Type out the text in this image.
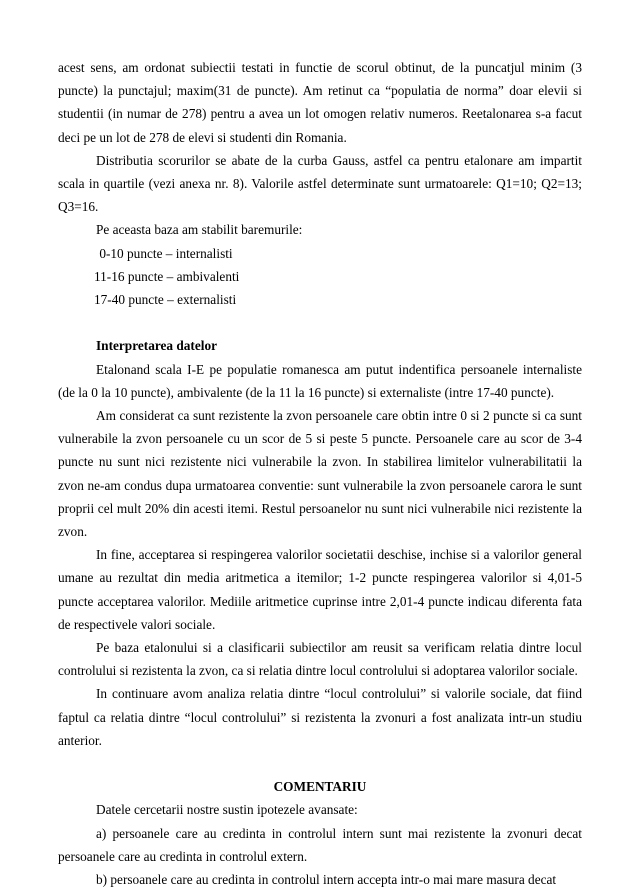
acest sens, am ordonat subiectii testati in functie de scorul obtinut, de la puncatjul minim (3 puncte) la punctajul; maxim(31 de puncte). Am retinut ca “populatia de norma” doar elevii si studentii (in numar de 278) pentru a avea un lot omogen relativ numeros. Reetalonarea s-a facut deci pe un lot de 278 de elevi si studenti din Romania.

Distributia scorurilor se abate de la curba Gauss, astfel ca pentru etalonare am impartit scala in quartile (vezi anexa nr. 8). Valorile astfel determinate sunt urmatoarele: Q1=10; Q2=13; Q3=16.

Pe aceasta baza am stabilit baremurile:

0-10 puncte – internalisti
11-16 puncte – ambivalenti
17-40 puncte – externalisti
Interpretarea datelor

Etalonand scala I-E pe populatie romanesca am putut indentifica persoanele internaliste (de la 0 la 10 puncte), ambivalente (de la 11 la 16 puncte) si externaliste (intre 17-40 puncte).

Am considerat ca sunt rezistente la zvon persoanele care obtin intre 0 si 2 puncte si ca sunt vulnerabile la zvon persoanele cu un scor de 5 si peste 5 puncte. Persoanele care au scor de 3-4 puncte nu sunt nici rezistente nici vulnerabile la zvon. In stabilirea limitelor vulnerabilitatii la zvon ne-am condus dupa urmatoarea conventie: sunt vulnerabile la zvon persoanele carora le sunt proprii cel mult 20% din acesti itemi. Restul persoanelor nu sunt nici vulnerabile nici rezistente la zvon.

In fine, acceptarea si respingerea valorilor societatii deschise, inchise si a valorilor general umane au rezultat din media aritmetica a itemilor; 1-2 puncte respingerea valorilor si 4,01-5 puncte acceptarea valorilor. Mediile aritmetice cuprinse intre 2,01-4 puncte indicau diferenta fata de respectivele valori sociale.

Pe baza etalonului si a clasificarii subiectilor am reusit sa verificam relatia dintre locul controlului si rezistenta la zvon, ca si relatia dintre locul controlului si adoptarea valorilor sociale.

In continuare avom analiza relatia dintre “locul controlului” si valorile sociale, dat fiind faptul ca relatia dintre “locul controlului” si rezistenta la zvonuri a fost analizata intr-un studiu anterior.

COMENTARIU

Datele cercetarii nostre sustin ipotezele avansate:

a) persoanele care au credinta in controlul intern sunt mai rezistente la zvonuri decat persoanele care au credinta in controlul extern.

b) persoanele care au credinta in controlul intern accepta intr-o mai mare masura decat
